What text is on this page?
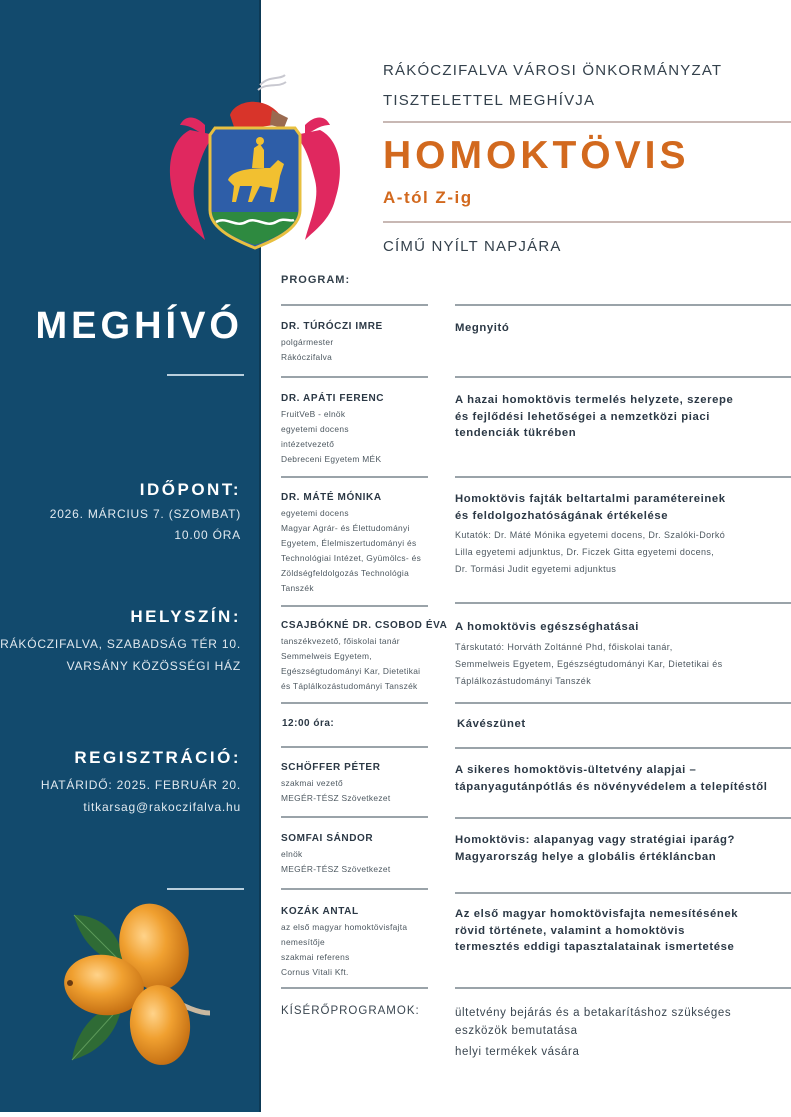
MEGHÍVÓ
IDŐPONT:
2026. MÁRCIUS 7. (SZOMBAT)
10.00 ÓRA
HELYSZÍN:
RÁKÓCZIFALVA, SZABADSÁG TÉR 10.
VARSÁNY KÖZÖSSÉGI HÁZ
REGISZTRÁCIÓ:
HATÁRIDŐ: 2025. FEBRUÁR 20.
titkarsag@rakoczifalva.hu
RÁKÓCZIFALVA VÁROSI ÖNKORMÁNYZAT
TISZTELETTEL MEGHÍVJA
HOMOKTÖVIS
A-tól Z-ig
CÍMŰ NYÍLT NAPJÁRA
PROGRAM:
DR. TÚRÓCZI IMRE
polgármester
Rákóczifalva
Megnyitó
DR. APÁTI FERENC
FruitVeB - elnök
egyetemi docens
intézetvezető
Debreceni Egyetem MÉK
A hazai homoktövis termelés helyzete, szerepe
és fejlődési lehetőségei a nemzetközi piaci
tendenciák tükrében
DR. MÁTÉ MÓNIKA
egyetemi docens
Magyar Agrár- és Élettudományi
Egyetem, Élelmiszertudományi és
Technológiai Intézet, Gyümölcs- és
Zöldségfeldolgozás Technológia
Tanszék
Homoktövis fajták beltartalmi paramétereinek
és feldolgozhatóságának értékelése
Kutatók: Dr. Máté Mónika egyetemi docens, Dr. Szalóki-Dorkó
Lilla egyetemi adjunktus, Dr. Ficzek Gitta egyetemi docens,
Dr. Tormási Judit egyetemi adjunktus
CSAJBÓKNÉ DR. CSOBOD ÉVA
tanszékvezető, főiskolai tanár
Semmelweis Egyetem,
Egészségtudományi Kar, Dietetikai
és Táplálkozástudományi Tanszék
A homoktövis egészséghatásai
Társkutató: Horváth Zoltánné Phd, főiskolai tanár,
Semmelweis Egyetem, Egészségtudományi Kar, Dietetikai és
Táplálkozástudományi Tanszék
12:00 óra:	Kávészünet
SCHÖFFER PÉTER
szakmai vezető
MEGÉR-TÉSZ Szövetkezet
A sikeres homoktövis-ültetvény alapjai –
tápanyagutánpótlás és növényvédelem a telepítéstől
SOMFAI SÁNDOR
elnök
MEGÉR-TÉSZ Szövetkezet
Homoktövis: alapanyag vagy stratégiai iparág?
Magyarország helye a globális értékláncban
KOZÁK ANTAL
az első magyar homoktövisfajta
nemesítője
szakmai referens
Cornus Vitali Kft.
Az első magyar homoktövisfajta nemesítésének
rövid története, valamint a homoktövis
termesztés eddigi tapasztalatainak ismertetése
KÍSÉRŐPROGRAMOK:	ültetvény bejárás és a betakarításhoz szükséges
eszközök bemutatása
helyi termékek vására
